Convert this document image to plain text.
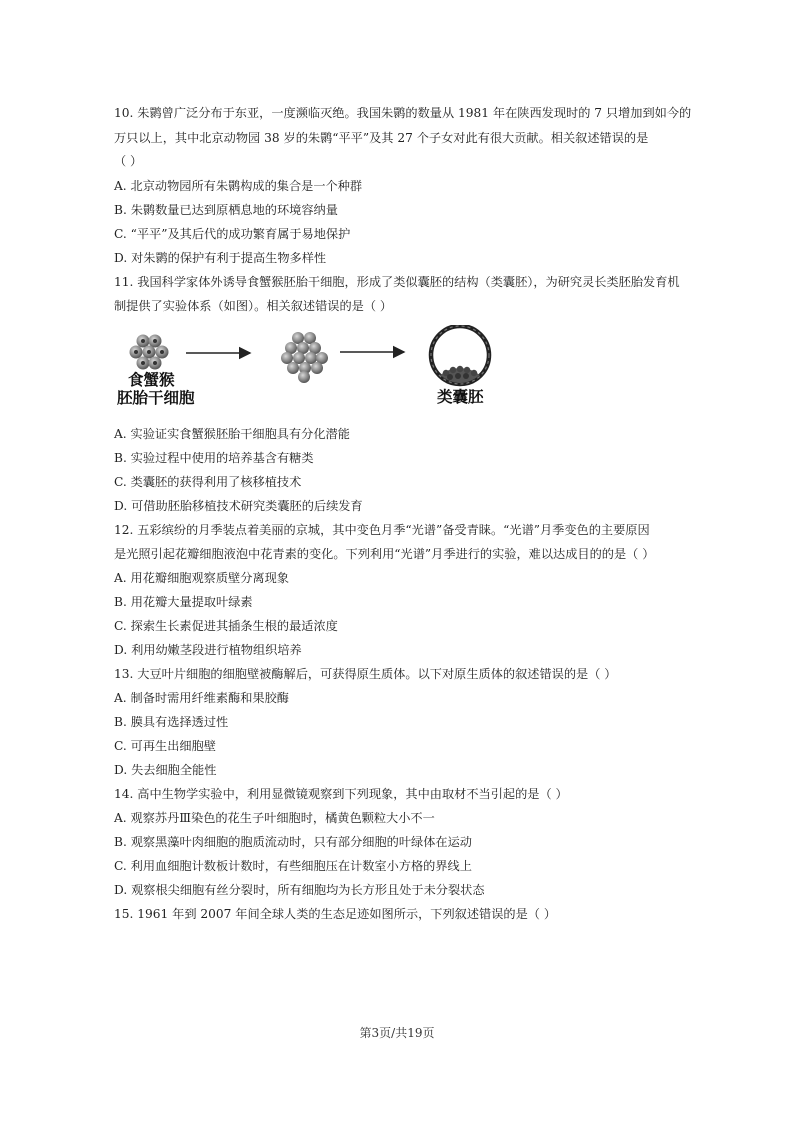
10. 朱鹮曾广泛分布于东亚，一度濒临灭绝。我国朱鹮的数量从 1981 年在陕西发现时的 7 只增加到如今的
万只以上，其中北京动物园 38 岁的朱鹮“平平”及其 27 个子女对此有很大贡献。相关叙述错误的是
（ ）
A. 北京动物园所有朱鹮构成的集合是一个种群
B. 朱鹮数量已达到原栖息地的环境容纳量
C. “平平”及其后代的成功繁育属于易地保护
D. 对朱鹮的保护有利于提高生物多样性
11. 我国科学家体外诱导食蟹猴胚胎干细胞，形成了类似囊胚的结构（类囊胚），为研究灵长类胚胎发育机
制提供了实验体系（如图）。相关叙述错误的是（ ）
食蟹猴
胚胎干细胞	类囊胚
A. 实验证实食蟹猴胚胎干细胞具有分化潜能
B. 实验过程中使用的培养基含有糖类
C. 类囊胚的获得利用了核移植技术
D. 可借助胚胎移植技术研究类囊胚的后续发育
12. 五彩缤纷的月季装点着美丽的京城，其中变色月季“光谱”备受青睐。“光谱”月季变色的主要原因
是光照引起花瓣细胞液泡中花青素的变化。下列利用“光谱”月季进行的实验，难以达成目的的是（ ）
A. 用花瓣细胞观察质壁分离现象
B. 用花瓣大量提取叶绿素
C. 探索生长素促进其插条生根的最适浓度
D. 利用幼嫩茎段进行植物组织培养
13. 大豆叶片细胞的细胞壁被酶解后，可获得原生质体。以下对原生质体的叙述错误的是（ ）
A. 制备时需用纤维素酶和果胶酶
B. 膜具有选择透过性
C. 可再生出细胞壁
D. 失去细胞全能性
14. 高中生物学实验中，利用显微镜观察到下列现象，其中由取材不当引起的是（ ）
A. 观察苏丹Ⅲ染色的花生子叶细胞时，橘黄色颗粒大小不一
B. 观察黑藻叶肉细胞的胞质流动时，只有部分细胞的叶绿体在运动
C. 利用血细胞计数板计数时，有些细胞压在计数室小方格的界线上
D. 观察根尖细胞有丝分裂时，所有细胞均为长方形且处于未分裂状态
15. 1961 年到 2007 年间全球人类的生态足迹如图所示，下列叙述错误的是（ ）
第3页/共19页
